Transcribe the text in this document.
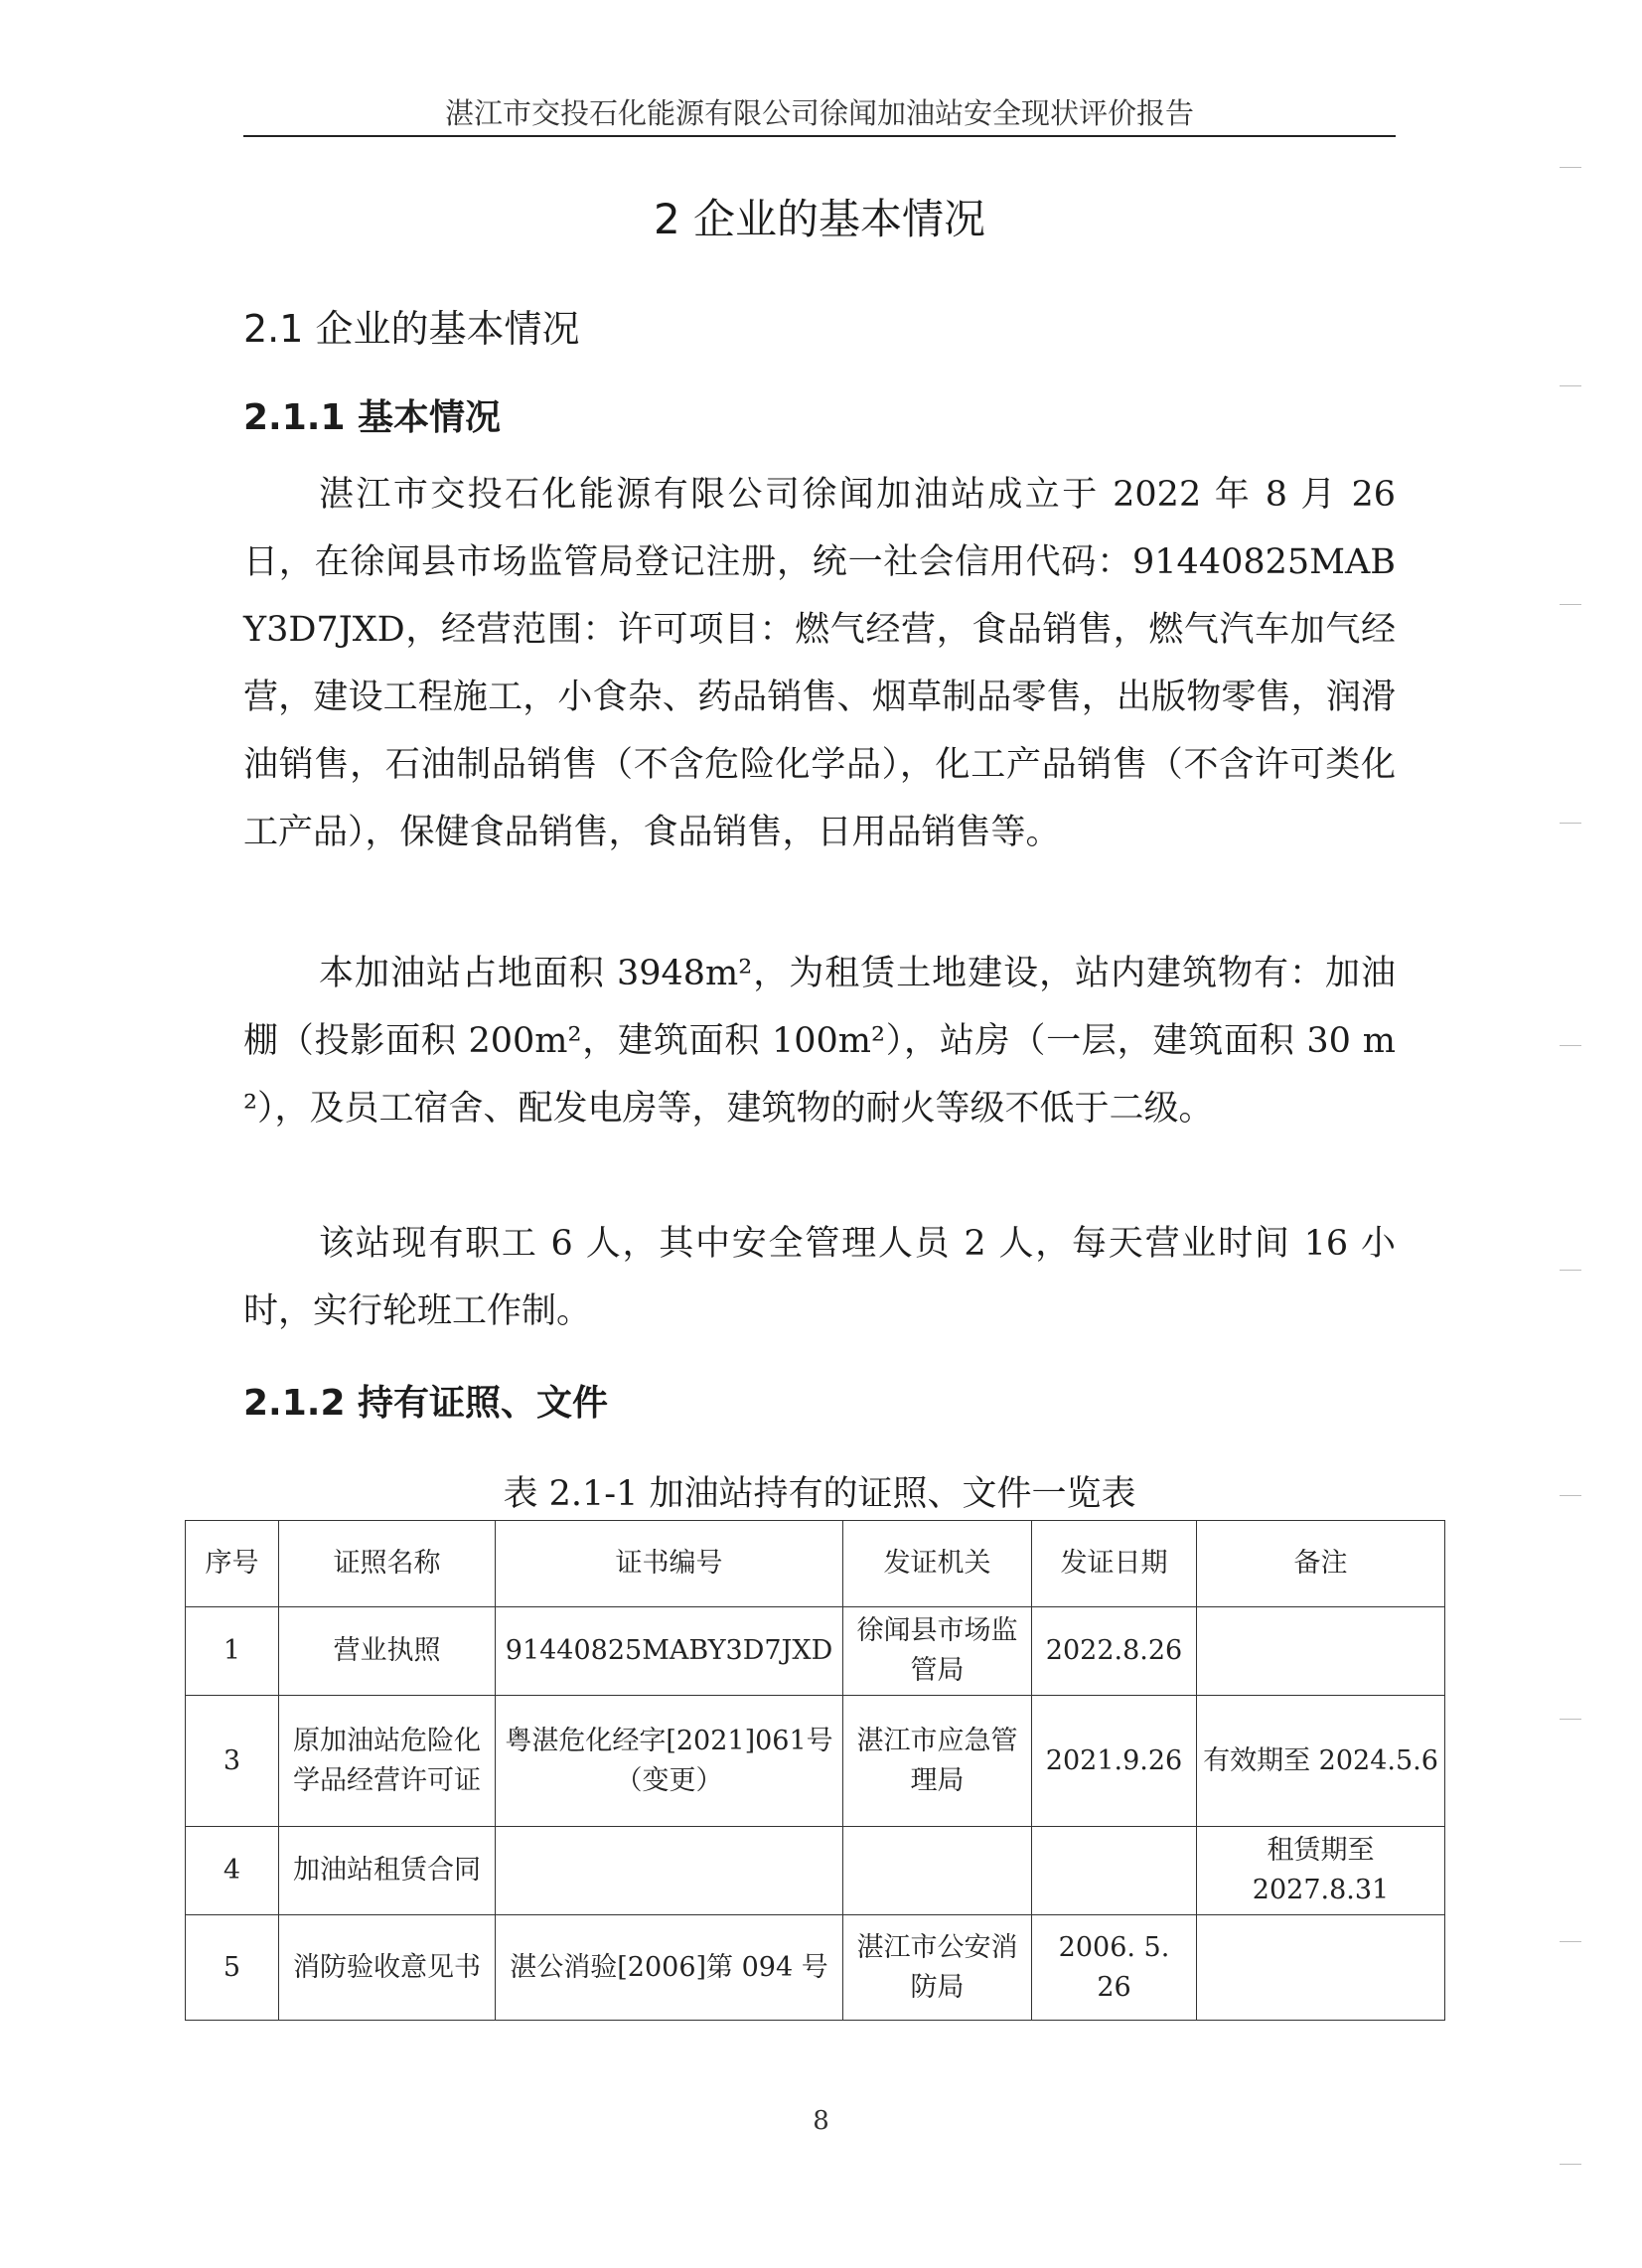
湛江市交投石化能源有限公司徐闻加油站安全现状评价报告
2 企业的基本情况
2.1 企业的基本情况
2.1.1 基本情况

湛江市交投石化能源有限公司徐闻加油站成立于 2022 年 8 月 26 日，在徐闻县市场监管局登记注册，统一社会信用代码：91440825MABY3D7JXD，经营范围：许可项目：燃气经营，食品销售，燃气汽车加气经营，建设工程施工，小食杂、药品销售、烟草制品零售，出版物零售，润滑油销售，石油制品销售（不含危险化学品），化工产品销售（不含许可类化工产品），保健食品销售，食品销售，日用品销售等。

本加油站占地面积 3948m²，为租赁土地建设，站内建筑物有：加油棚（投影面积 200m²，建筑面积 100m²），站房（一层，建筑面积 30 m²），及员工宿舍、配发电房等，建筑物的耐火等级不低于二级。

该站现有职工 6 人，其中安全管理人员 2 人，每天营业时间 16 小时，实行轮班工作制。

2.1.2 持有证照、文件
表 2.1-1 加油站持有的证照、文件一览表
序号	证照名称	证书编号	发证机关	发证日期	备注
1	营业执照	91440825MABY3D7JXD	徐闻县市场监管局	2022.8.26	
3	原加油站危险化学品经营许可证	粤湛危化经字[2021]061号（变更）	湛江市应急管理局	2021.9.26	有效期至 2024.5.6
4	加油站租赁合同				租赁期至 2027.8.31
5	消防验收意见书	湛公消验[2006]第 094 号	湛江市公安消防局	2006. 5. 26	
8
